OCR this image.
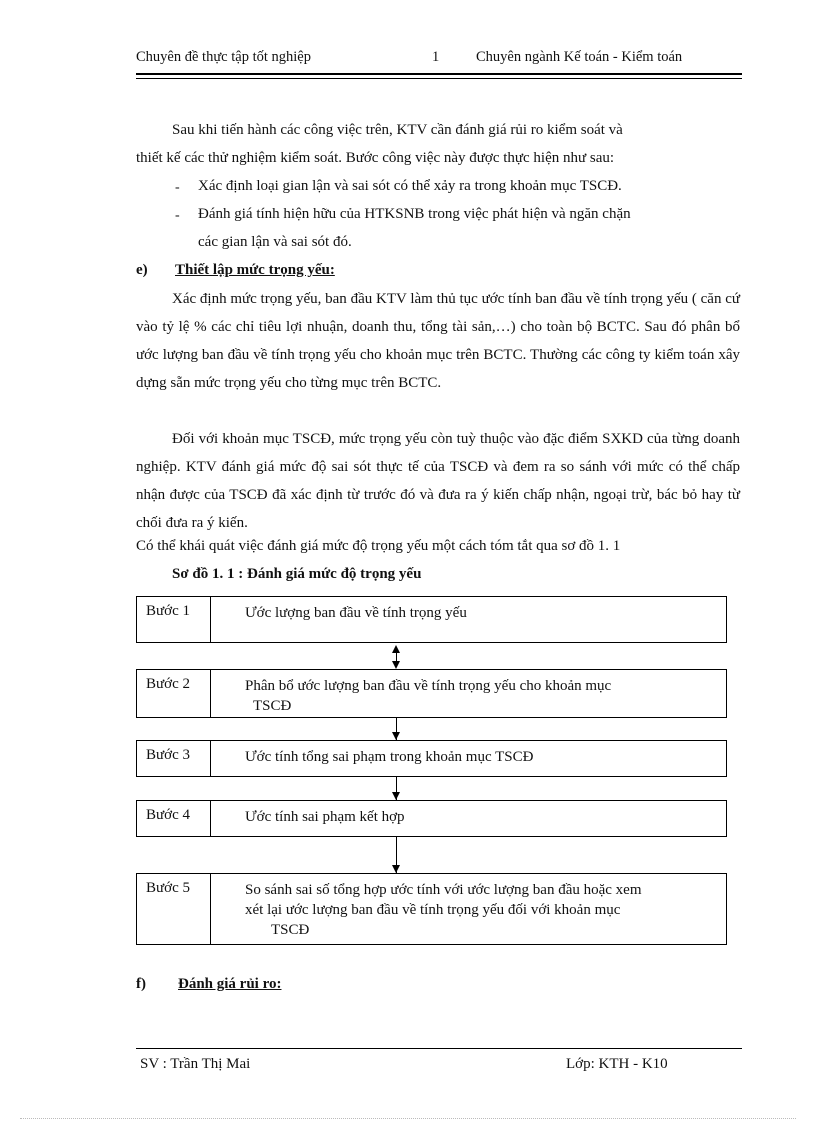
Chuyên đề thực tập tốt nghiệp	1	Chuyên ngành Kế toán - Kiểm toán
Sau khi tiến hành các công việc trên, KTV cần đánh giá rủi ro kiểm soát và
thiết kế các thử nghiệm kiểm soát. Bước công việc này được thực hiện như sau:
- Xác định loại gian lận và sai sót có thể xảy ra trong khoản mục TSCĐ.
- Đánh giá tính hiện hữu của HTKSNB trong việc phát hiện và ngăn chặn
các gian lận và sai sót đó.
e) Thiết lập mức trọng yếu:

Xác định mức trọng yếu, ban đầu KTV làm thủ tục ước tính ban đầu về tính trọng yếu ( căn cứ vào tỷ lệ % các chỉ tiêu lợi nhuận, doanh thu, tổng tài sản,…) cho toàn bộ BCTC. Sau đó phân bổ ước lượng ban đầu về tính trọng yếu cho khoản mục trên BCTC. Thường các công ty kiểm toán xây dựng sẵn mức trọng yếu cho từng mục trên BCTC.

Đối với khoản mục TSCĐ, mức trọng yếu còn tuỳ thuộc vào đặc điểm SXKD của từng doanh nghiệp. KTV đánh giá mức độ sai sót thực tế của TSCĐ và đem ra so sánh với mức có thể chấp nhận được của TSCĐ đã xác định từ trước đó và đưa ra ý kiến chấp nhận, ngoại trừ, bác bỏ hay từ chối đưa ra ý kiến.

Có thể khái quát việc đánh giá mức độ trọng yếu một cách tóm tắt qua sơ đồ 1. 1
Sơ đồ 1. 1 : Đánh giá mức độ trọng yếu
Bước 1	Ước lượng ban đầu về tính trọng yếu
Bước 2	Phân bổ ước lượng ban đầu về tính trọng yếu cho khoản mục
TSCĐ
Bước 3	Ước tính tổng sai phạm trong khoản mục TSCĐ
Bước 4	Ước tính sai phạm kết hợp
Bước 5	So sánh sai số tổng hợp ước tính với ước lượng ban đầu hoặc xem
xét lại ước lượng ban đầu về tính trọng yếu đối với khoản mục
TSCĐ
f) Đánh giá rủi ro:
SV : Trần Thị Mai	Lớp: KTH - K10
